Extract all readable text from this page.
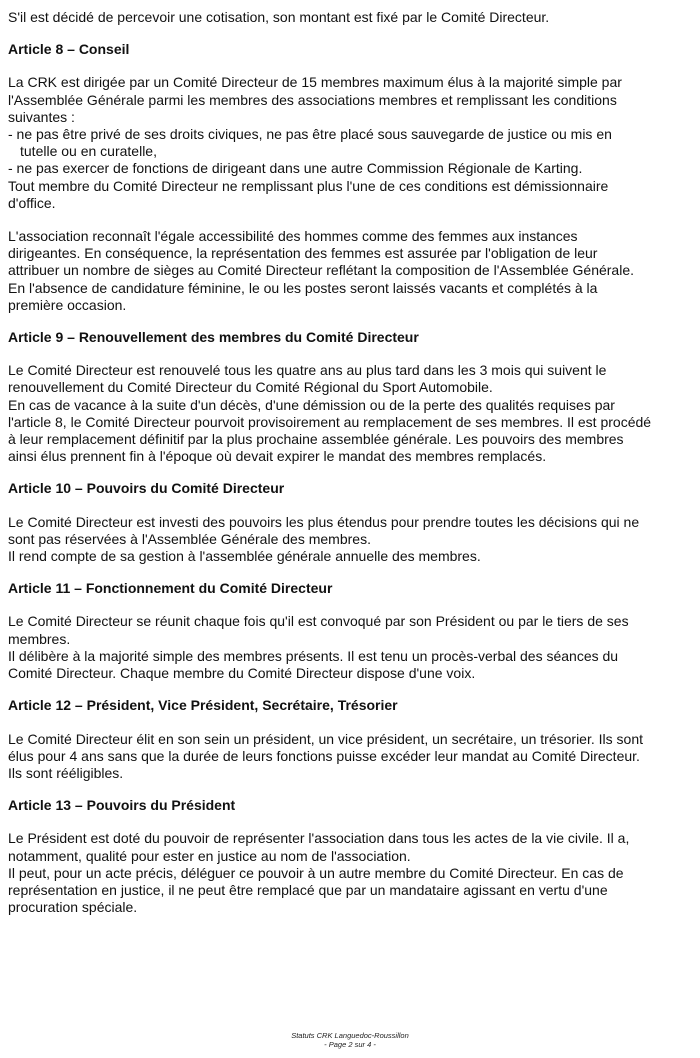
S'il est décidé de percevoir une cotisation, son montant est fixé par le Comité Directeur.

Article 8 – Conseil

La CRK est dirigée par un Comité Directeur de 15 membres maximum élus à la majorité simple par
l'Assemblée Générale parmi les membres des associations membres et remplissant les conditions
suivantes :
- ne pas être privé de ses droits civiques, ne pas être placé sous sauvegarde de justice ou mis en
tutelle ou en curatelle,
- ne pas exercer de fonctions de dirigeant dans une autre Commission Régionale de Karting.
Tout membre du Comité Directeur ne remplissant plus l'une de ces conditions est démissionnaire
d'office.
L'association reconnaît l'égale accessibilité des hommes comme des femmes aux instances
dirigeantes. En conséquence, la représentation des femmes est assurée par l'obligation de leur
attribuer un nombre de sièges au Comité Directeur reflétant la composition de l'Assemblée Générale.
En l'absence de candidature féminine, le ou les postes seront laissés vacants et complétés à la
première occasion.

Article 9 – Renouvellement des membres du Comité Directeur

Le Comité Directeur est renouvelé tous les quatre ans au plus tard dans les 3 mois qui suivent le
renouvellement du Comité Directeur du Comité Régional du Sport Automobile.
En cas de vacance à la suite d'un décès, d'une démission ou de la perte des qualités requises par
l'article 8, le Comité Directeur pourvoit provisoirement au remplacement de ses membres. Il est procédé
à leur remplacement définitif par la plus prochaine assemblée générale. Les pouvoirs des membres
ainsi élus prennent fin à l'époque où devait expirer le mandat des membres remplacés.

Article 10 – Pouvoirs du Comité Directeur

Le Comité Directeur est investi des pouvoirs les plus étendus pour prendre toutes les décisions qui ne
sont pas réservées à l'Assemblée Générale des membres.
Il rend compte de sa gestion à l'assemblée générale annuelle des membres.

Article 11 – Fonctionnement du Comité Directeur

Le Comité Directeur se réunit chaque fois qu'il est convoqué par son Président ou par le tiers de ses
membres.
Il délibère à la majorité simple des membres présents. Il est tenu un procès-verbal des séances du
Comité Directeur. Chaque membre du Comité Directeur dispose d'une voix.

Article 12 – Président, Vice Président, Secrétaire, Trésorier

Le Comité Directeur élit en son sein un président, un vice président, un secrétaire, un trésorier. Ils sont
élus pour 4 ans sans que la durée de leurs fonctions puisse excéder leur mandat au Comité Directeur.
Ils sont rééligibles.

Article 13 – Pouvoirs du Président

Le Président est doté du pouvoir de représenter l'association dans tous les actes de la vie civile. Il a,
notamment, qualité pour ester en justice au nom de l'association.
Il peut, pour un acte précis, déléguer ce pouvoir à un autre membre du Comité Directeur. En cas de
représentation en justice, il ne peut être remplacé que par un mandataire agissant en vertu d'une
procuration spéciale.
Statuts CRK Languedoc-Roussillon
- Page 2 sur 4 -
